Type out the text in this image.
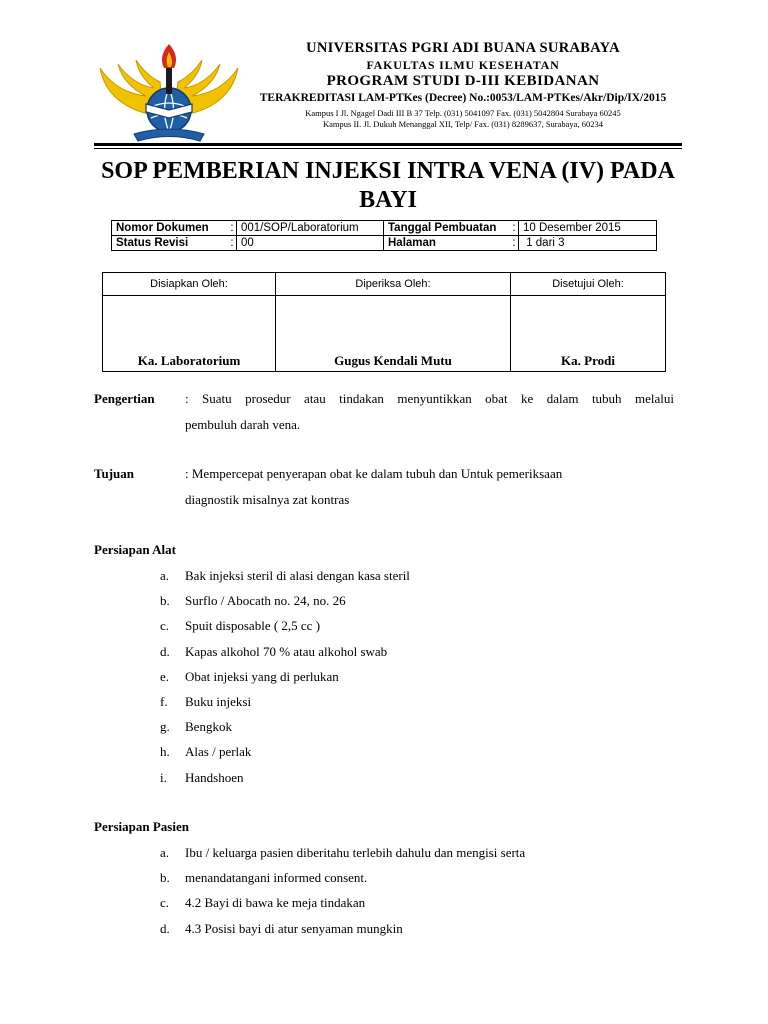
UNIVERSITAS PGRI ADI BUANA SURABAYA
FAKULTAS ILMU KESEHATAN
PROGRAM STUDI D-III KEBIDANAN
TERAKREDITASI LAM-PTKes (Decree) No.:0053/LAM-PTKes/Akr/Dip/IX/2015
Kampus I Jl. Ngagel Dadi III B 37 Telp. (031) 5041097 Fax. (031) 5042804 Surabaya 60245
Kampus II. Jl. Dukuh Menanggal XII, Telp/ Fax. (031) 8289637, Surabaya, 60234
SOP PEMBERIAN INJEKSI INTRA VENA (IV) PADA BAYI
Nomor Dokumen	:	001/SOP/Laboratorium	Tanggal Pembuatan	:	10 Desember 2015
Status Revisi	:	00	Halaman	:	1 dari 3
Disiapkan Oleh:	Diperiksa Oleh:	Disetujui Oleh:
Ka. Laboratorium	Gugus Kendali Mutu	Ka. Prodi
Pengertian : Suatu prosedur atau tindakan menyuntikkan obat ke dalam tubuh melalui
pembuluh darah vena.
Tujuan	: Mempercepat penyerapan obat ke dalam tubuh dan Untuk pemeriksaan
diagnostik misalnya zat kontras
Persiapan Alat
a. Bak injeksi steril di alasi dengan kasa steril
b. Surflo / Abocath no. 24, no. 26
c. Spuit disposable ( 2,5 cc )
d. Kapas alkohol 70 % atau alkohol swab
e. Obat injeksi yang di perlukan
f. Buku injeksi
g. Bengkok
h. Alas / perlak
i. Handshoen
Persiapan Pasien
a. Ibu / keluarga pasien diberitahu terlebih dahulu dan mengisi serta
b. menandatangani informed consent.
c. 4.2 Bayi di bawa ke meja tindakan
d. 4.3 Posisi bayi di atur senyaman mungkin
